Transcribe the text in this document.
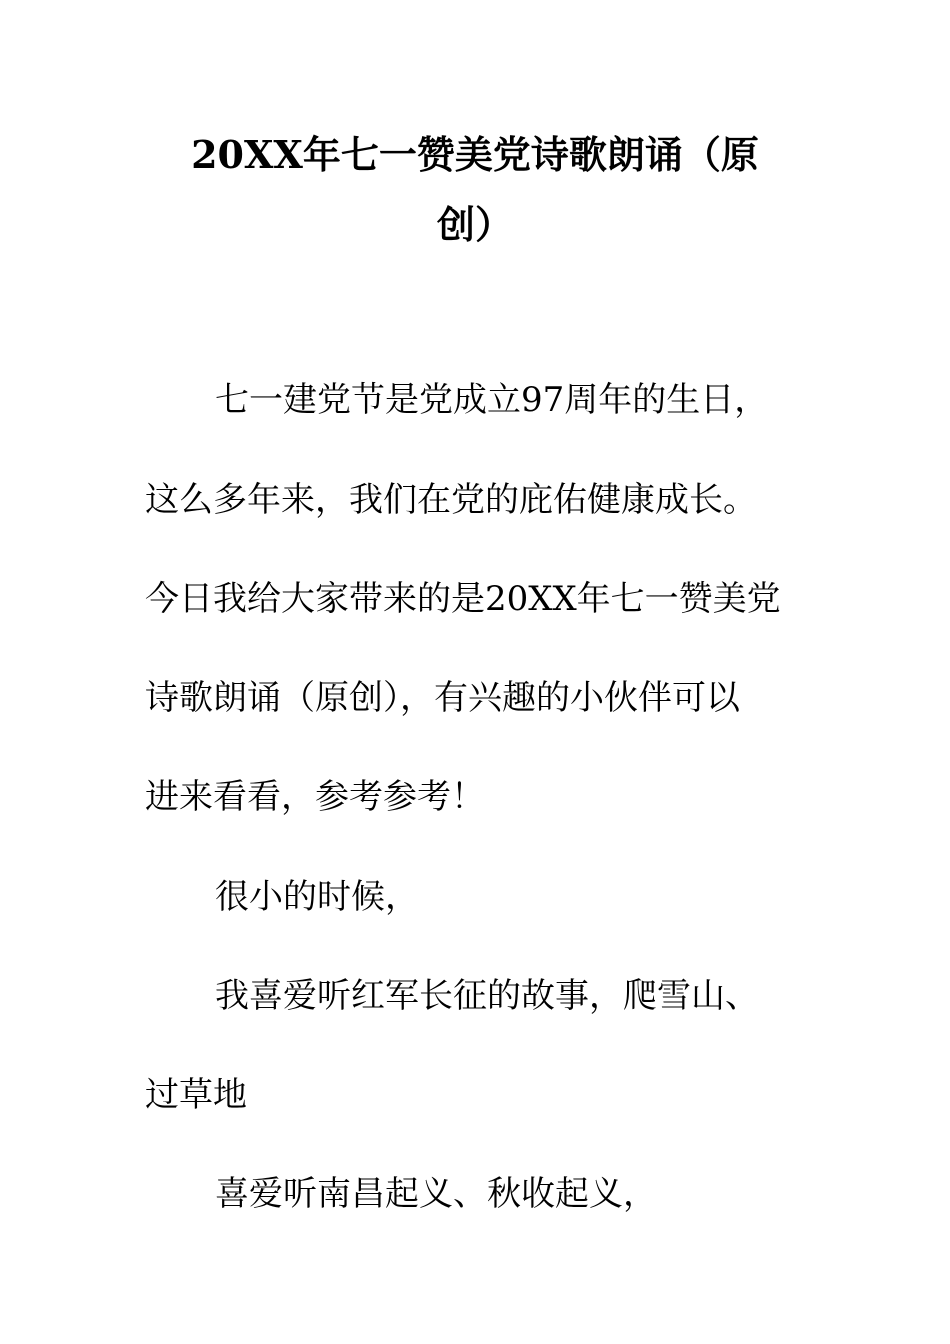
20XX年七一赞美党诗歌朗诵（原
创）

七一建党节是党成立97周年的生日，

这么多年来，我们在党的庇佑健康成长。

今日我给大家带来的是20XX年七一赞美党

诗歌朗诵（原创），有兴趣的小伙伴可以

进来看看，参考参考！

很小的时候，

我喜爱听红军长征的故事，爬雪山、

过草地

喜爱听南昌起义、秋收起义，
